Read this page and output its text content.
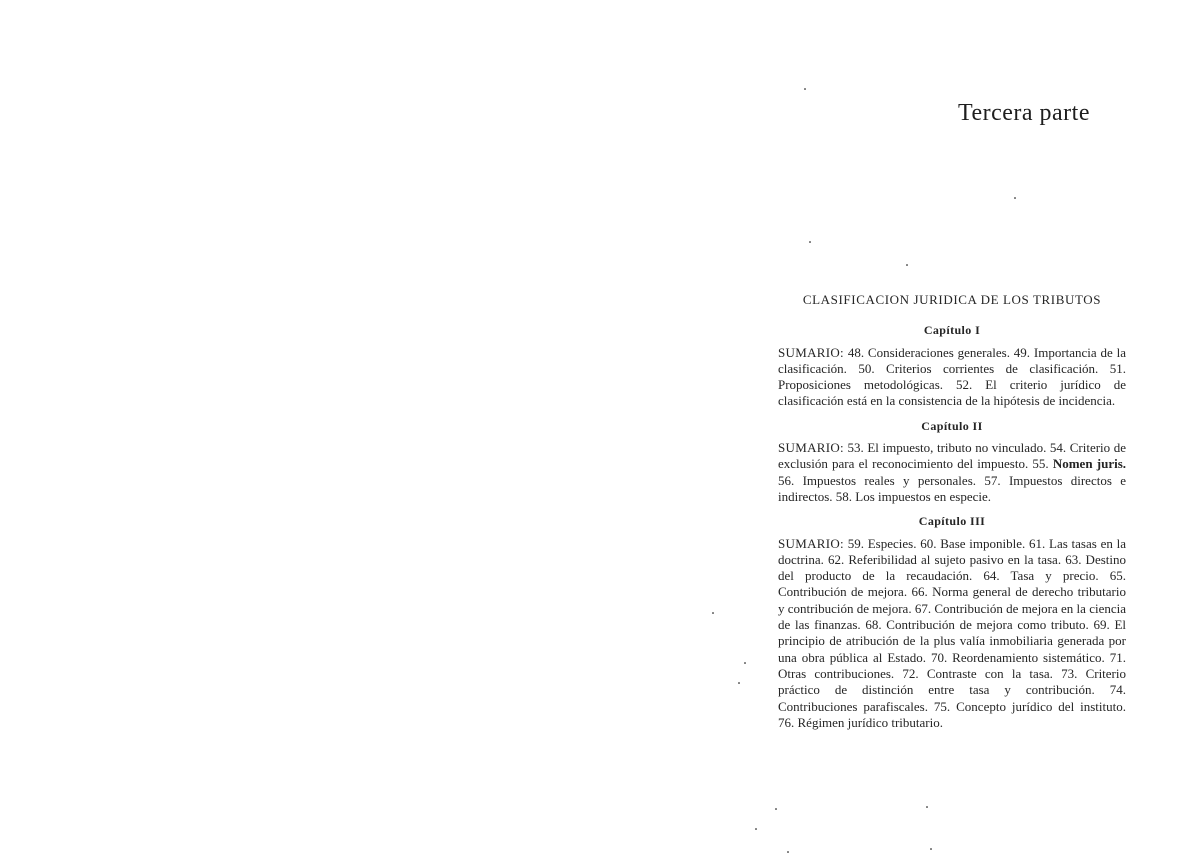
Tercera parte
CLASIFICACION JURIDICA DE LOS TRIBUTOS
Capítulo I

SUMARIO: 48. Consideraciones generales. 49. Importancia de la clasificación. 50. Criterios corrientes de clasificación. 51. Proposiciones metodológicas. 52. El criterio jurídico de clasificación está en la consistencia de la hipótesis de incidencia.

Capítulo II

SUMARIO: 53. El impuesto, tributo no vinculado. 54. Criterio de exclusión para el reconocimiento del impuesto. 55. Nomen juris. 56. Impuestos reales y personales. 57. Impuestos directos e indirectos. 58. Los impuestos en especie.

Capítulo III

SUMARIO: 59. Especies. 60. Base imponible. 61. Las tasas en la doctrina. 62. Referibilidad al sujeto pasivo en la tasa. 63. Destino del producto de la recaudación. 64. Tasa y precio. 65. Contribución de mejora. 66. Norma general de derecho tributario y contribución de mejora. 67. Contribución de mejora en la ciencia de las finanzas. 68. Contribución de mejora como tributo. 69. El principio de atribución de la plus valía inmobiliaria generada por una obra pública al Estado. 70. Reordenamiento sistemático. 71. Otras contribuciones. 72. Contraste con la tasa. 73. Criterio práctico de distinción entre tasa y contribución. 74. Contribuciones parafiscales. 75. Concepto jurídico del instituto. 76. Régimen jurídico tributario.
